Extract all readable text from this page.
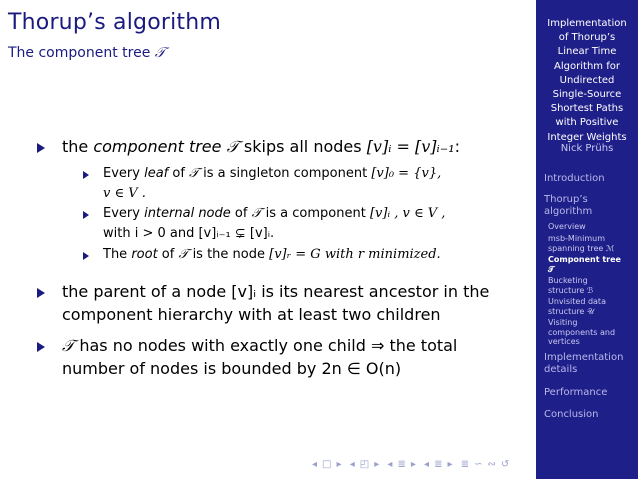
Thorup’s algorithm
The component tree 𝒯
the component tree 𝒯 skips all nodes [v]ᵢ = [v]ᵢ₋₁:
Every leaf of 𝒯 is a singleton component [v]₀ = {v},
v ∈ V .
Every internal node of 𝒯 is a component [v]ᵢ , v ∈ V ,
with i > 0 and [v]ᵢ₋₁ ⊊ [v]ᵢ.
The root of 𝒯 is the node [v]ᵣ = G with r minimized.
the parent of a node [v]ᵢ is its nearest ancestor in the
component hierarchy with at least two children
𝒯 has no nodes with exactly one child ⇒ the total
number of nodes is bounded by 2n ∈ O(n)
◂ □ ▸ ◂ ◰ ▸ ◂ ≣ ▸ ◂ ≣ ▸ ≣ ∽ ∾ ↺
Implementation
of Thorup’s
Linear Time
Algorithm for
Undirected
Single-Source
Shortest Paths
with Positive
Integer Weights
Nick Prühs
Introduction
Thorup’s
algorithm
Overview
msb-Minimum
spanning tree ℳ
Component tree
𝒯
Bucketing
structure ℬ
Unvisited data
structure 𝒰
Visiting
components and
vertices
Implementation
details
Performance
Conclusion
